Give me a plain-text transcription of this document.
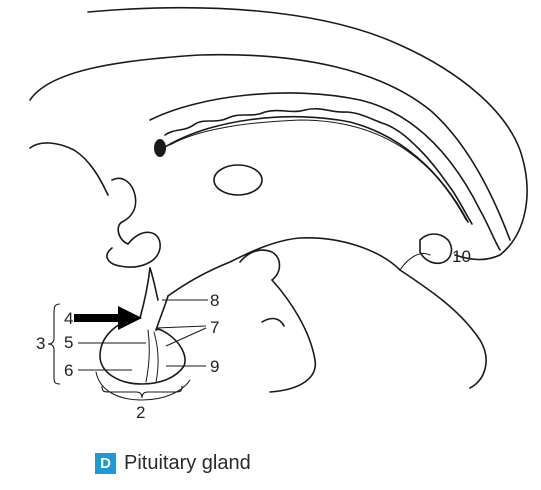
10
8
7
9
4
5
6
3
2
D Pituitary gland
